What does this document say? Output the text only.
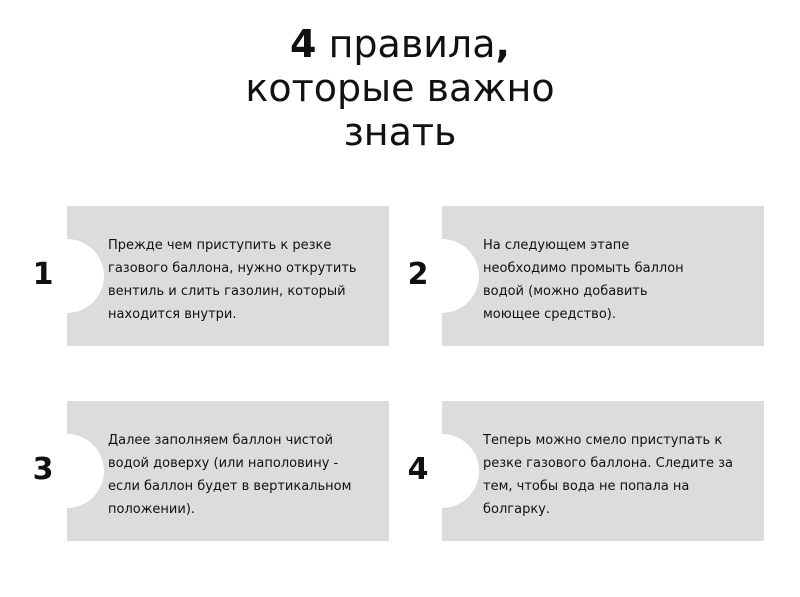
4 правила,
которые важно
знать
1
Прежде чем приступить к резке
газового баллона, нужно открутить
вентиль и слить газолин, который
находится внутри.
2
На следующем этапе
необходимо промыть баллон
водой (можно добавить
моющее средство).
3
Далее заполняем баллон чистой
водой доверху (или наполовину -
если баллон будет в вертикальном
положении).
4
Теперь можно смело приступать к
резке газового баллона. Следите за
тем, чтобы вода не попала на
болгарку.
